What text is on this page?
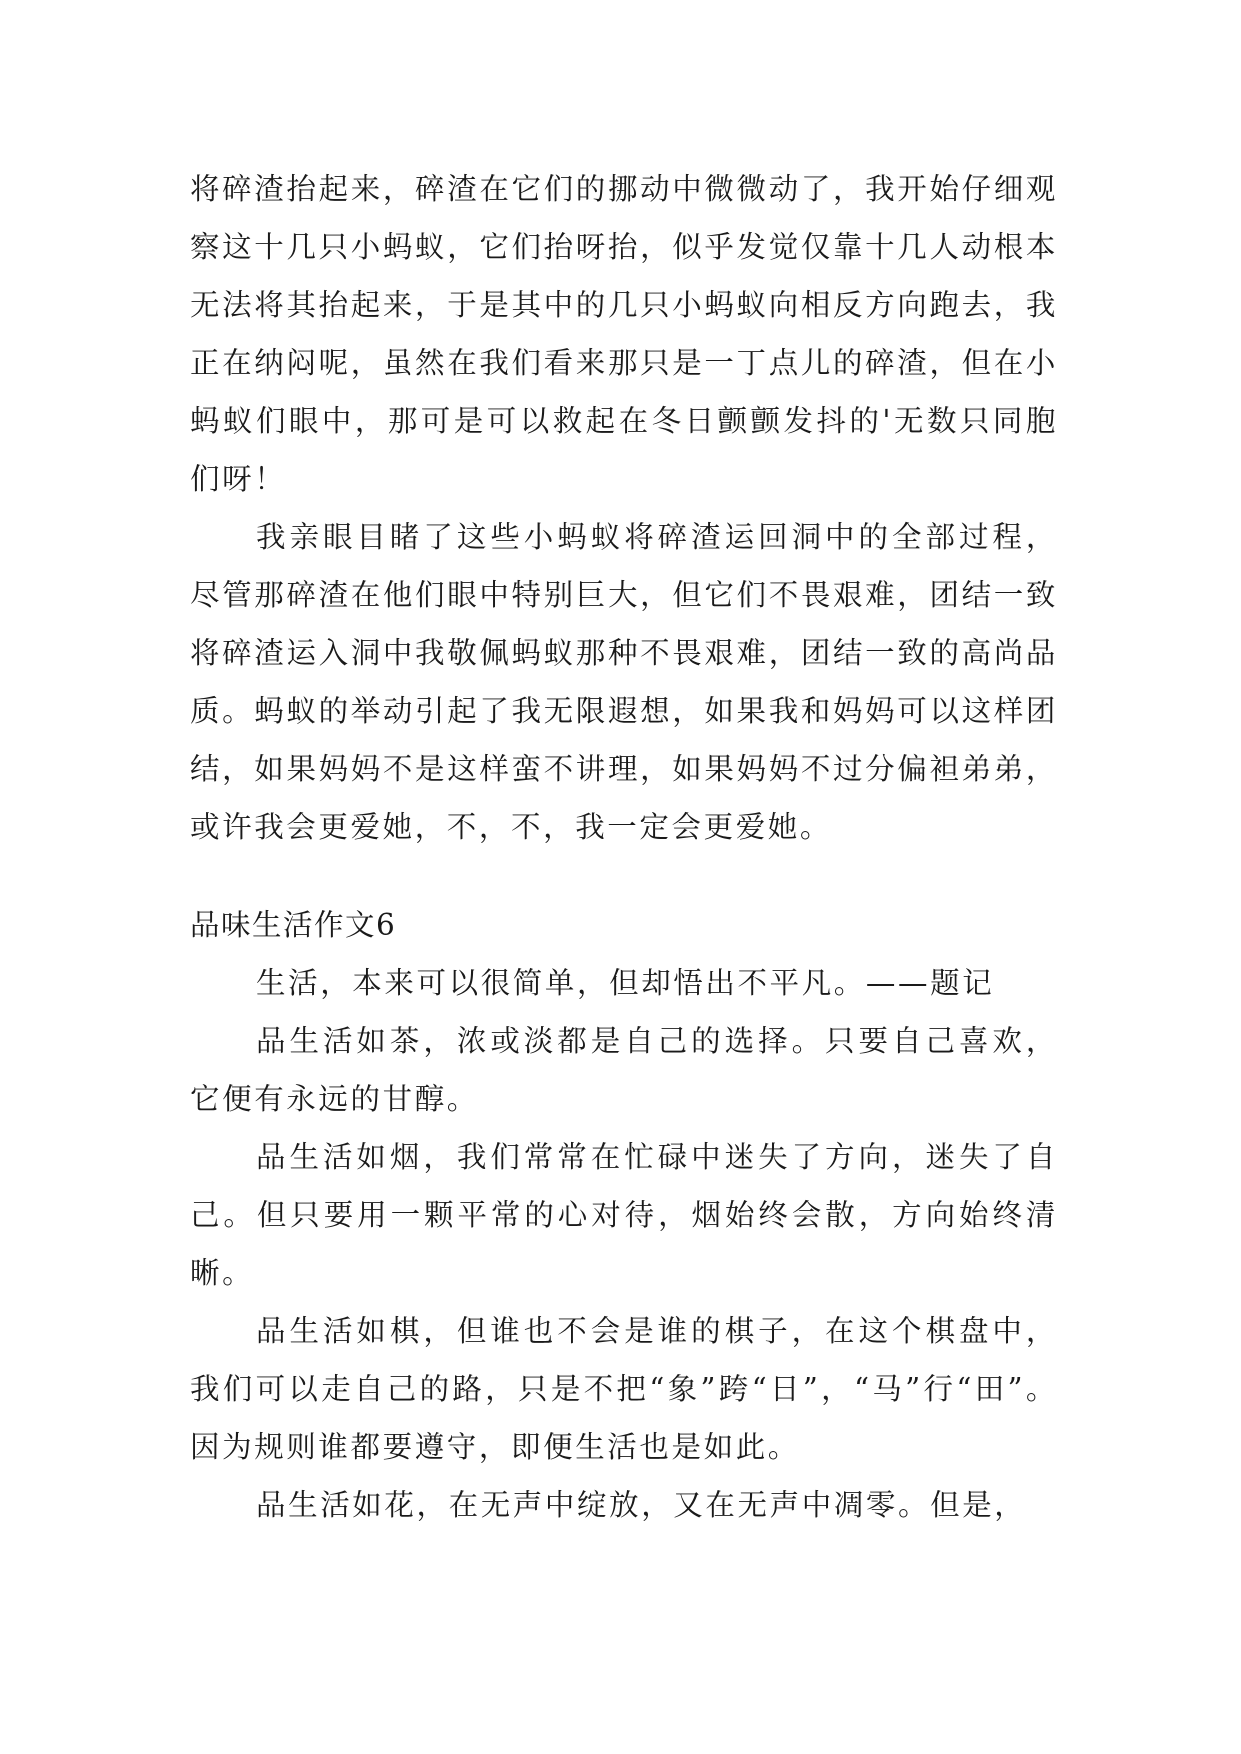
将碎渣抬起来，碎渣在它们的挪动中微微动了，我开始仔细观察这十几只小蚂蚁，它们抬呀抬，似乎发觉仅靠十几人动根本无法将其抬起来，于是其中的几只小蚂蚁向相反方向跑去，我正在纳闷呢，虽然在我们看来那只是一丁点儿的碎渣，但在小蚂蚁们眼中，那可是可以救起在冬日颤颤发抖的'无数只同胞们呀！

我亲眼目睹了这些小蚂蚁将碎渣运回洞中的全部过程，尽管那碎渣在他们眼中特别巨大，但它们不畏艰难，团结一致将碎渣运入洞中我敬佩蚂蚁那种不畏艰难，团结一致的高尚品质。蚂蚁的举动引起了我无限遐想，如果我和妈妈可以这样团结，如果妈妈不是这样蛮不讲理，如果妈妈不过分偏袒弟弟，或许我会更爱她，不，不，我一定会更爱她。

品味生活作文6

生活，本来可以很简单，但却悟出不平凡。——题记

品生活如茶，浓或淡都是自己的选择。只要自己喜欢，它便有永远的甘醇。

品生活如烟，我们常常在忙碌中迷失了方向，迷失了自己。但只要用一颗平常的心对待，烟始终会散，方向始终清晰。

品生活如棋，但谁也不会是谁的棋子，在这个棋盘中，我们可以走自己的路，只是不把“象”跨“日”，“马”行“田”。因为规则谁都要遵守，即便生活也是如此。

品生活如花，在无声中绽放，又在无声中凋零。但是，
